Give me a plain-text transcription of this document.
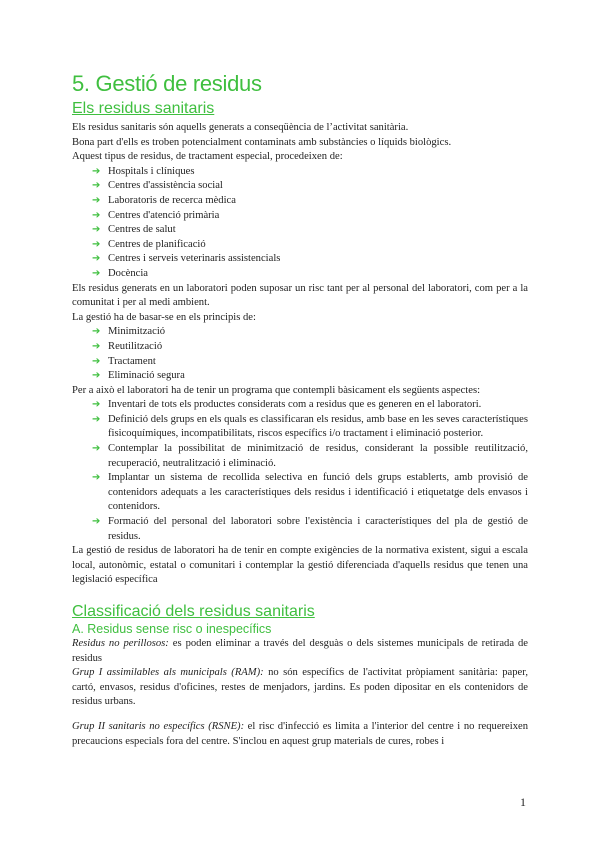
5. Gestió de residus
Els residus sanitaris

Els residus sanitaris són aquells generats a conseqüència de l’activitat sanitària.

Bona part d'ells es troben potencialment contaminats amb substàncies o líquids biològics.

Aquest tipus de residus, de tractament especial, procedeixen de:

➔ Hospitals i clíniques
➔ Centres d'assistència social
➔ Laboratoris de recerca mèdica
➔ Centres d'atenció primària
➔ Centres de salut
➔ Centres de planificació
➔ Centres i serveis veterinaris assistencials
➔ Docència

Els residus generats en un laboratori poden suposar un risc tant per al personal del laboratori, com per a la comunitat i per al medi ambient.

La gestió ha de basar-se en els principis de:

➔ Minimització
➔ Reutilització
➔ Tractament
➔ Eliminació segura

Per a això el laboratori ha de tenir un programa que contempli bàsicament els següents aspectes:

➔ Inventari de tots els productes considerats com a residus que es generen en el laboratori.
➔ Definició dels grups en els quals es classificaran els residus, amb base en les seves característiques fisicoquímiques, incompatibilitats, riscos específics i/o tractament i eliminació posterior.
➔ Contemplar la possibilitat de minimització de residus, considerant la possible reutilització, recuperació, neutralització i eliminació.
➔ Implantar un sistema de recollida selectiva en funció dels grups establerts, amb provisió de contenidors adequats a les característiques dels residus i identificació i etiquetatge dels envasos i contenidors.
➔ Formació del personal del laboratori sobre l'existència i característiques del pla de gestió de residus.

La gestió de residus de laboratori ha de tenir en compte exigències de la normativa existent, sigui a escala local, autonòmic, estatal o comunitari i contemplar la gestió diferenciada d'aquells residus que tenen una legislació específica

Classificació dels residus sanitaris
A. Residus sense risc o inespecífics

Residus no perillosos: es poden eliminar a través del desguàs o dels sistemes municipals de retirada de residus

Grup I assimilables als municipals (RAM): no són específics de l'activitat pròpiament sanitària: paper, cartó, envasos, residus d'oficines, restes de menjadors, jardins. Es poden dipositar en els contenidors de residus urbans.

Grup II sanitaris no específics (RSNE): el risc d'infecció es limita a l'interior del centre i no requereixen precaucions especials fora del centre. S'inclou en aquest grup materials de cures, robes i

1
